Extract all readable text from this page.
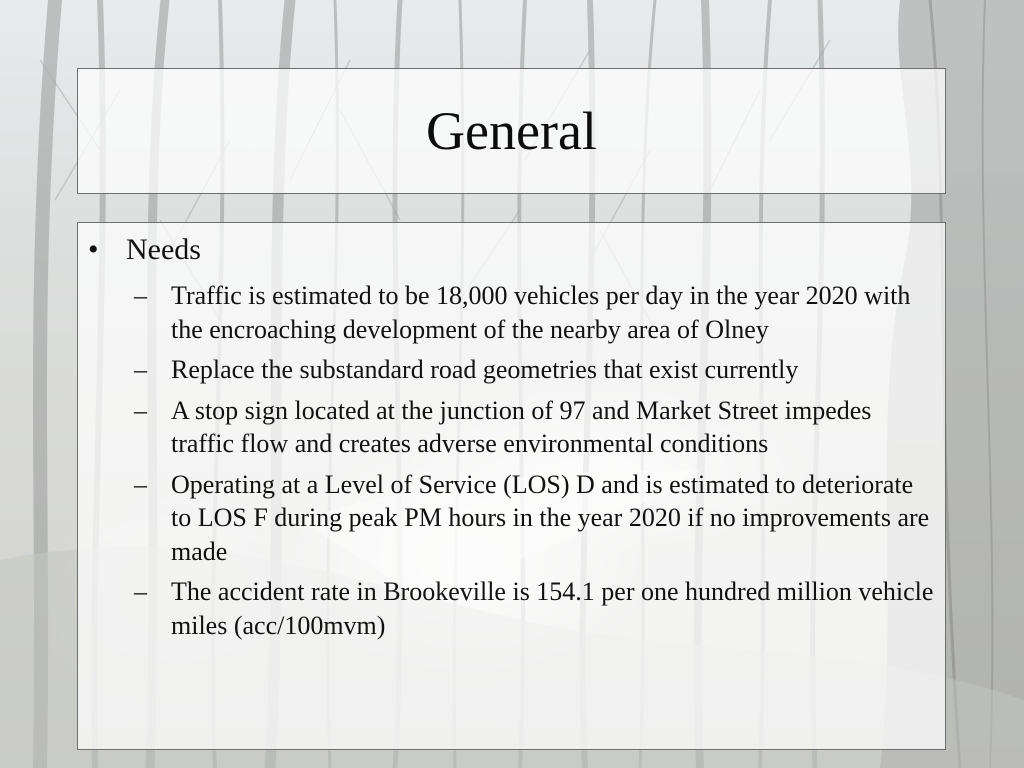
General
• Needs
– Traffic is estimated to be 18,000 vehicles per day in the year 2020 with the encroaching development of the nearby area of Olney
– Replace the substandard road geometries that exist currently
– A stop sign located at the junction of 97 and Market Street impedes traffic flow and creates adverse environmental conditions
– Operating at a Level of Service (LOS) D and is estimated to deteriorate to LOS F during peak PM hours in the year 2020 if no improvements are made
– The accident rate in Brookeville is 154.1 per one hundred million vehicle miles (acc/100mvm)
